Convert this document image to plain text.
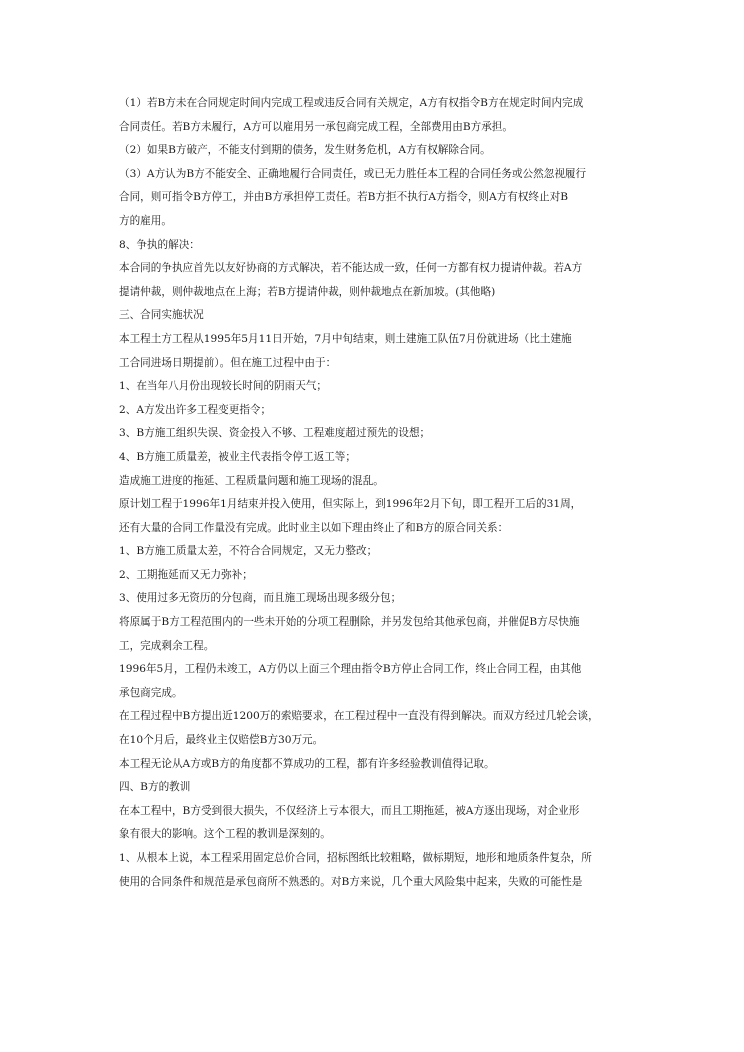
（1）若B方未在合同规定时间内完成工程或违反合同有关规定，A方有权指令B方在规定时间内完成

合同责任。若B方未履行，A方可以雇用另一承包商完成工程，全部费用由B方承担。

（2）如果B方破产，不能支付到期的债务，发生财务危机，A方有权解除合同。

（3）A方认为B方不能安全、正确地履行合同责任，或已无力胜任本工程的合同任务或公然忽视履行

合同，则可指令B方停工，并由B方承担停工责任。若B方拒不执行A方指令，则A方有权终止对B

方的雇用。

8、争执的解决：

本合同的争执应首先以友好协商的方式解决，若不能达成一致，任何一方都有权力提请仲裁。若A方

提请仲裁，则仲裁地点在上海；若B方提请仲裁，则仲裁地点在新加坡。(其他略)

三、合同实施状况

本工程土方工程从1995年5月11日开始，7月中旬结束，则土建施工队伍7月份就进场（比土建施

工合同进场日期提前）。但在施工过程中由于：

1、在当年八月份出现较长时间的阴雨天气；

2、A方发出许多工程变更指令；

3、B方施工组织失误、资金投入不够、工程难度超过预先的设想；

4、B方施工质量差，被业主代表指令停工返工等；

造成施工进度的拖延、工程质量问题和施工现场的混乱。

原计划工程于1996年1月结束并投入使用，但实际上，到1996年2月下旬，即工程开工后的31周，

还有大量的合同工作量没有完成。此时业主以如下理由终止了和B方的原合同关系：

1、B方施工质量太差，不符合合同规定，又无力整改；

2、工期拖延而又无力弥补；

3、使用过多无资历的分包商，而且施工现场出现多级分包；

将原属于B方工程范围内的一些未开始的分项工程删除，并另发包给其他承包商，并催促B方尽快施

工，完成剩余工程。

1996年5月，工程仍未竣工，A方仍以上面三个理由指令B方停止合同工作，终止合同工程，由其他

承包商完成。

在工程过程中B方提出近1200万的索赔要求，在工程过程中一直没有得到解决。而双方经过几轮会谈，

在10个月后，最终业主仅赔偿B方30万元。

本工程无论从A方或B方的角度都不算成功的工程，都有许多经验教训值得记取。

四、B方的教训

在本工程中，B方受到很大损失，不仅经济上亏本很大，而且工期拖延，被A方逐出现场，对企业形

象有很大的影响。这个工程的教训是深刻的。

1、从根本上说，本工程采用固定总价合同，招标图纸比较粗略，做标期短，地形和地质条件复杂，所

使用的合同条件和规范是承包商所不熟悉的。对B方来说，几个重大风险集中起来，失败的可能性是
